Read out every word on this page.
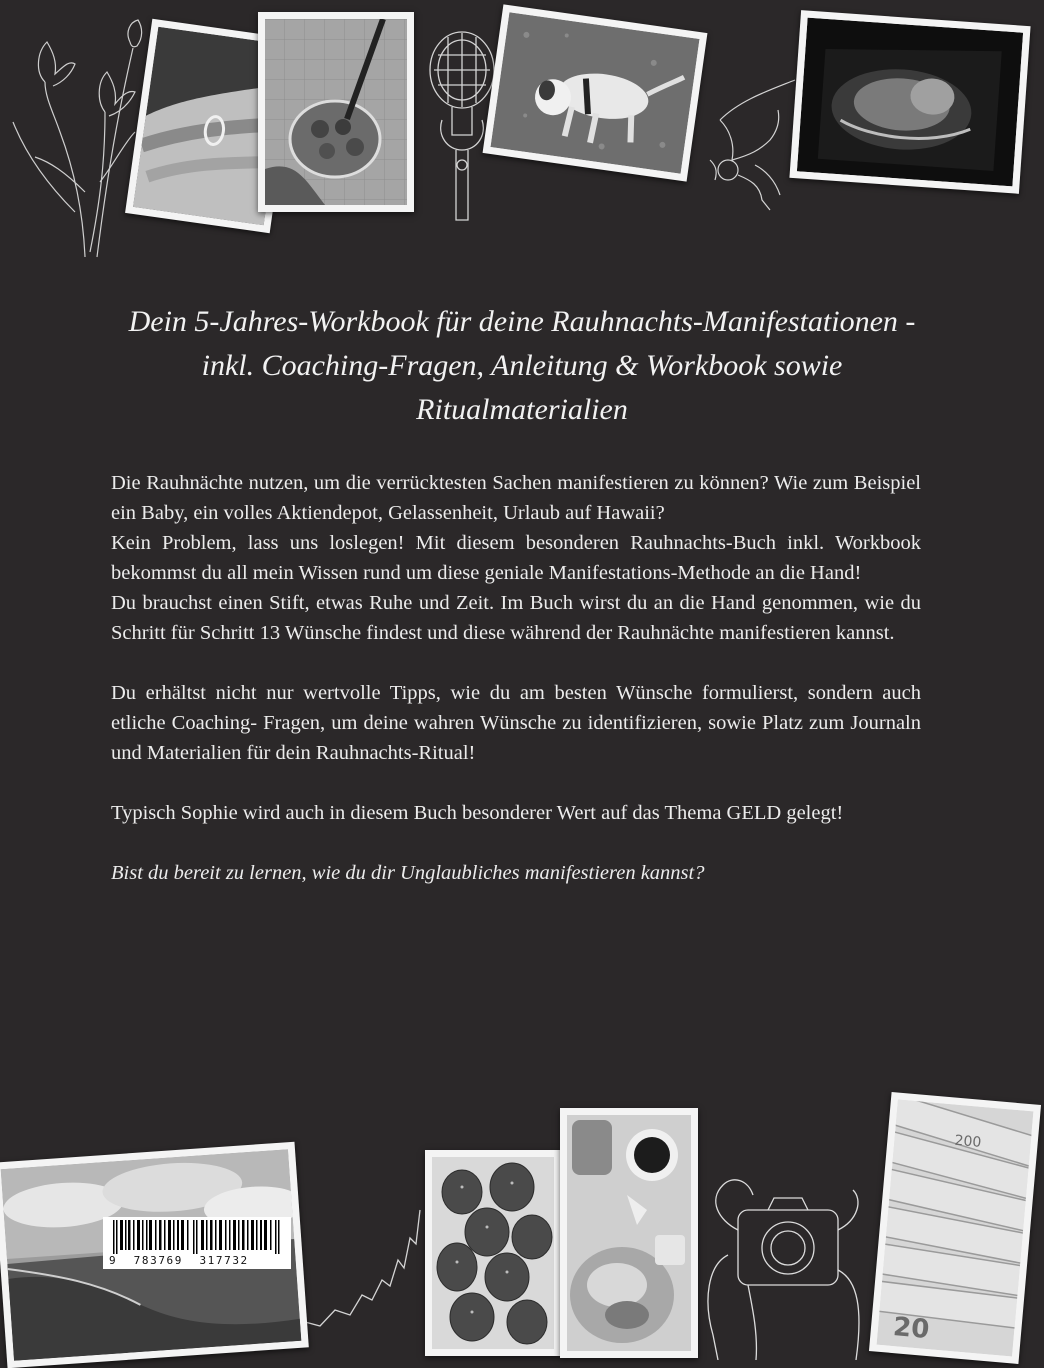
Dein 5-Jahres-Workbook für deine Rauhnachts-Manifestationen - inkl. Coaching-Fragen, Anleitung & Workbook sowie Ritualmaterialien

Die Rauhnächte nutzen, um die verrücktesten Sachen manifestieren zu können? Wie zum Beispiel ein Baby, ein volles Aktiendepot, Gelassenheit, Urlaub auf Hawaii?

Kein Problem, lass uns loslegen! Mit diesem besonderen Rauhnachts-Buch inkl. Workbook bekommst du all mein Wissen rund um diese geniale Manifestations-Methode an die Hand!

Du brauchst einen Stift, etwas Ruhe und Zeit. Im Buch wirst du an die Hand genommen, wie du Schritt für Schritt 13 Wünsche findest und diese während der Rauhnächte manifestieren kannst.

Du erhältst nicht nur wertvolle Tipps, wie du am besten Wünsche formulierst, sondern auch etliche Coaching- Fragen, um deine wahren Wünsche zu identifizieren, sowie Platz zum Journaln und Materialien für dein Rauhnachts-Ritual!

Typisch Sophie wird auch in diesem Buch besonderer Wert auf das Thema GELD gelegt!

Bist du bereit zu lernen, wie du dir Unglaubliches manifestieren kannst?

200
20
9  783769  317732
